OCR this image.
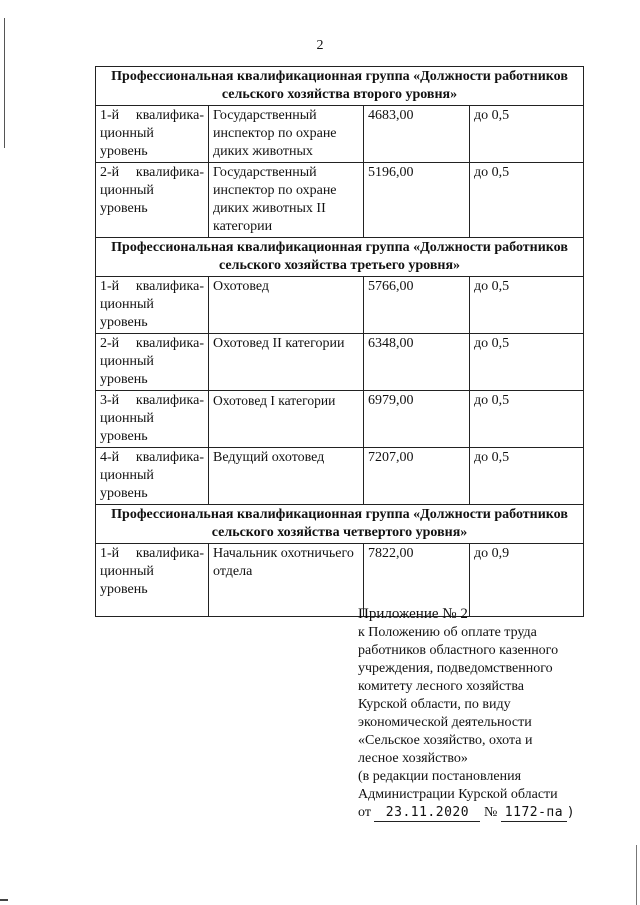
2
Профессиональная квалификационная группа «Должности работников сельского хозяйства второго уровня»			
1-й квалифика-ционный уровень	Государственный инспектор по охране диких животных	4683,00	до 0,5
2-й квалифика-ционный уровень	Государственный инспектор по охране диких животных II категории	5196,00	до 0,5
Профессиональная квалификационная группа «Должности работников сельского хозяйства третьего уровня»			
1-й квалифика-ционный уровень	Охотовед	5766,00	до 0,5
2-й квалифика-ционный уровень	Охотовед II категории	6348,00	до 0,5
3-й квалифика-ционный уровень	Охотовед I категории	6979,00	до 0,5
4-й квалифика-ционный уровень	Ведущий охотовед	7207,00	до 0,5
Профессиональная квалификационная группа «Должности работников сельского хозяйства четвертого уровня»			
1-й квалифика-ционный уровень	Начальник охотничьего отдела	7822,00	до 0,9
Приложение № 2
к Положению об оплате труда
работников областного казенного
учреждения, подведомственного
комитету лесного хозяйства
Курской области, по виду
экономической деятельности
«Сельское хозяйство, охота и
лесное хозяйство»
(в редакции постановления
Администрации Курской области
от 23.11.2020 № 1172-па )
